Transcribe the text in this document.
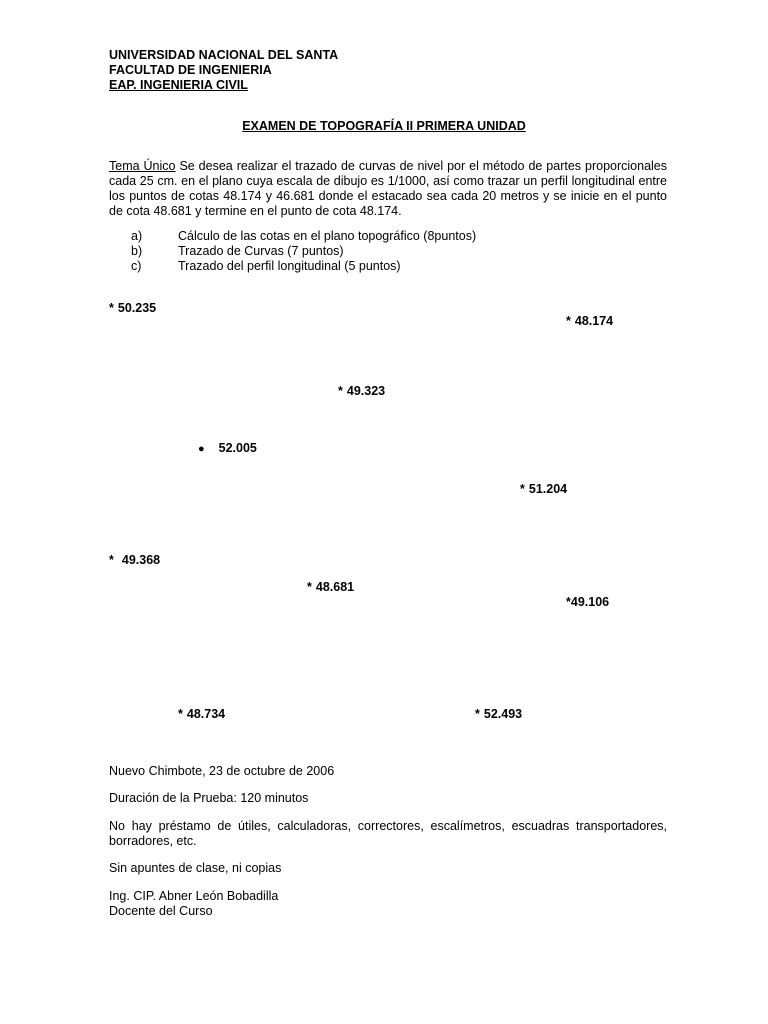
UNIVERSIDAD NACIONAL DEL SANTA
FACULTAD DE INGENIERIA
EAP. INGENIERIA CIVIL
EXAMEN DE TOPOGRAFÍA II PRIMERA UNIDAD
Tema Único Se desea realizar el trazado de curvas de nivel por el método de partes proporcionales cada 25 cm. en el plano cuya escala de dibujo es 1/1000, así como trazar un perfil longitudinal entre los puntos de cotas 48.174 y 46.681 donde el estacado sea cada 20 metros y se inicie en el punto de cota 48.681 y termine en el punto de cota 48.174.
a)	Cálculo de las cotas en el plano topográfico (8puntos)
b)	Trazado de Curvas (7 puntos)
c)	Trazado del perfil longitudinal (5 puntos)
* 50.235
* 48.174
* 49.323
● 52.005
* 51.204
* 49.368
* 48.681
*49.106
* 48.734	* 52.493
Nuevo Chimbote, 23 de octubre de 2006
Duración de la Prueba: 120 minutos
No hay préstamo de útiles, calculadoras, correctores, escalímetros, escuadras transportadores, borradores, etc.
Sin apuntes de clase, ni copias
Ing. CIP. Abner León Bobadilla
Docente del Curso
